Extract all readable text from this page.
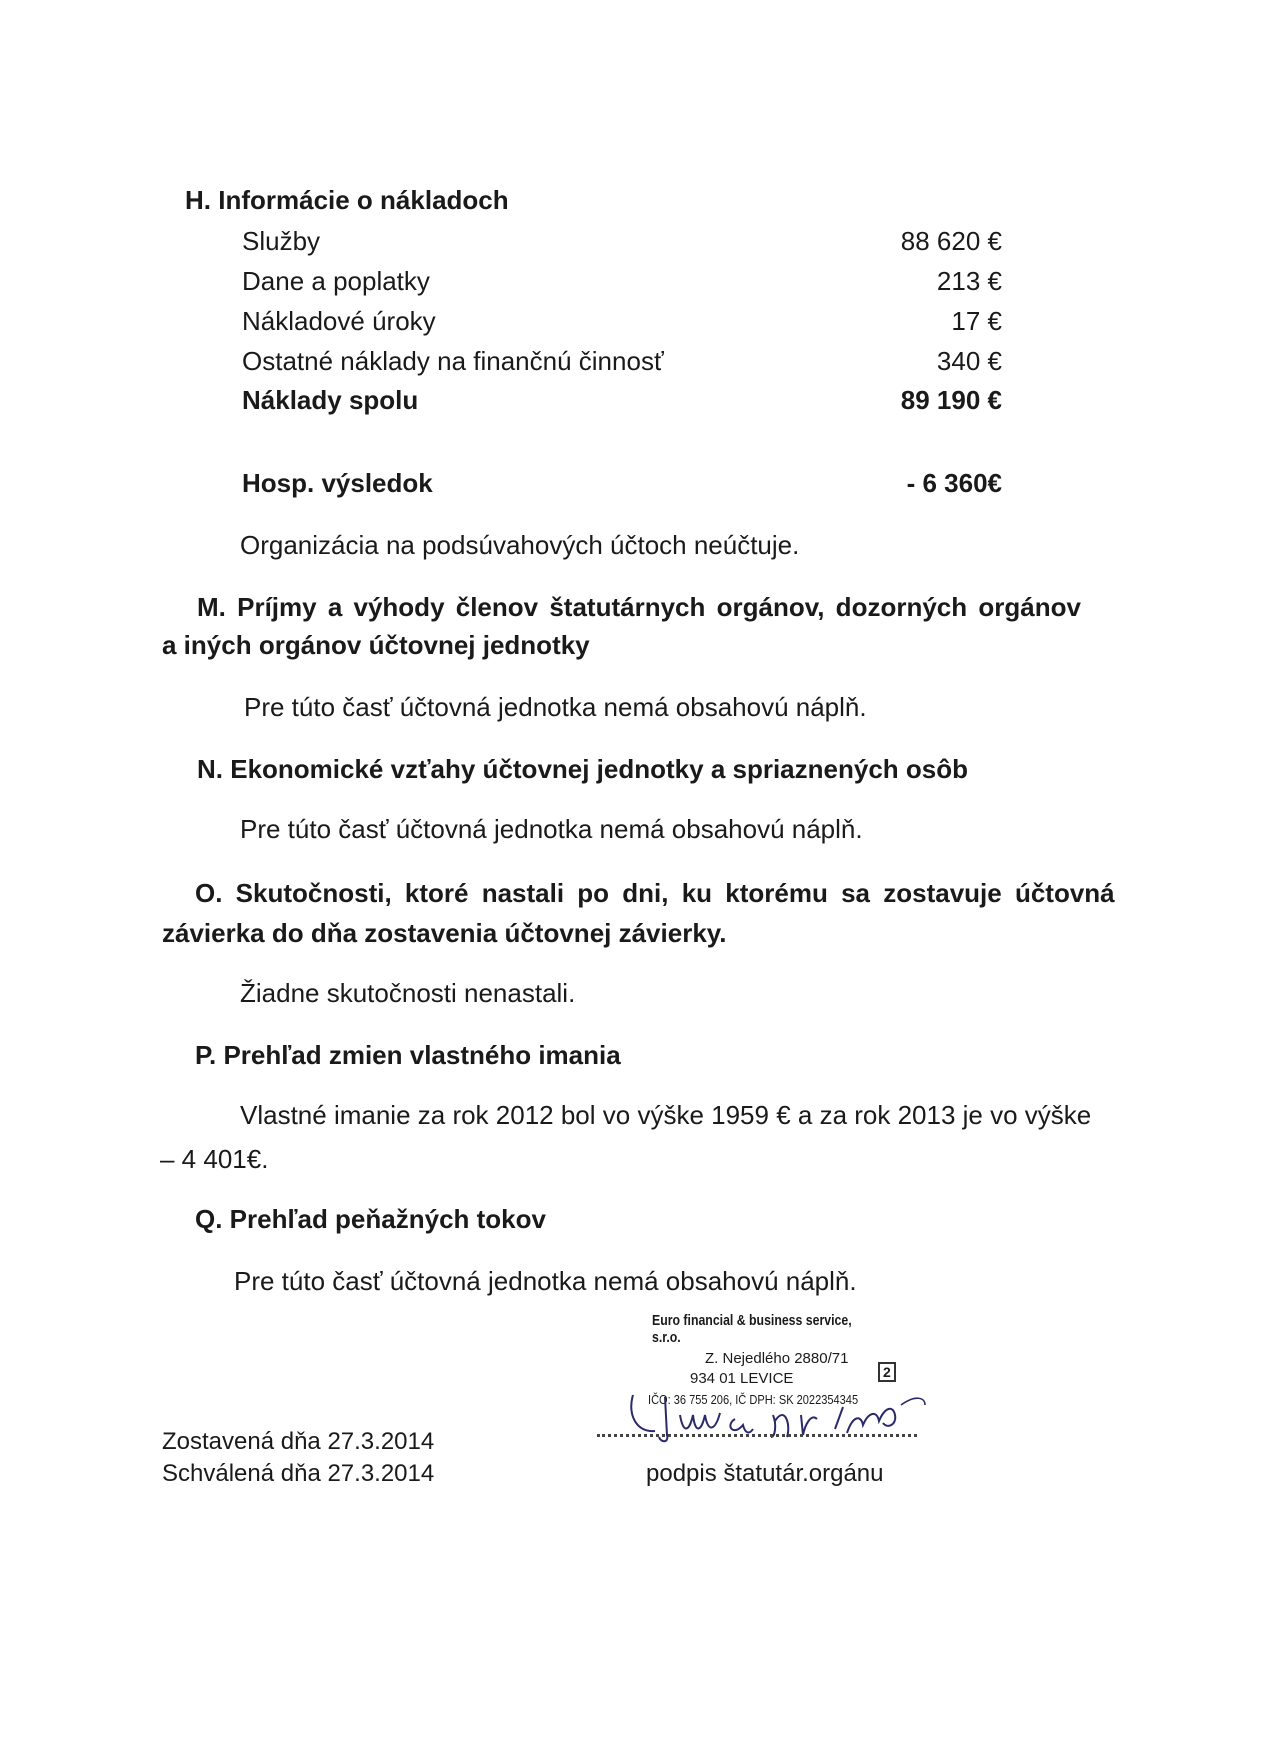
H. Informácie o nákladoch
Služby	88 620 €
Dane a poplatky	213 €
Nákladové úroky	17 €
Ostatné náklady na finančnú činnosť	340 €
Náklady spolu	89 190 €
Hosp. výsledok	- 6 360€
Organizácia na podsúvahových účtoch neúčtuje.
M. Príjmy a výhody členov štatutárnych orgánov, dozorných orgánov
a iných orgánov účtovnej jednotky
Pre túto časť účtovná jednotka nemá obsahovú náplň.
N. Ekonomické vzťahy účtovnej jednotky a spriaznených osôb
Pre túto časť účtovná jednotka nemá obsahovú náplň.
O. Skutočnosti, ktoré nastali po dni, ku ktorému sa zostavuje účtovná
závierka do dňa zostavenia účtovnej závierky.
Žiadne skutočnosti nenastali.
P. Prehľad zmien vlastného imania
Vlastné imanie za rok 2012 bol vo výške 1959 € a za rok 2013 je vo výške
– 4 401€.
Q. Prehľad peňažných tokov
Pre túto časť účtovná jednotka nemá obsahovú náplň.
Euro financial & business service, s.r.o.
Z. Nejedlého 2880/71
934 01 LEVICE	2
IČO: 36 755 206, IČ DPH: SK 2022354345
Zostavená dňa 27.3.2014
Schválená dňa 27.3.2014	podpis štatutár.orgánu
